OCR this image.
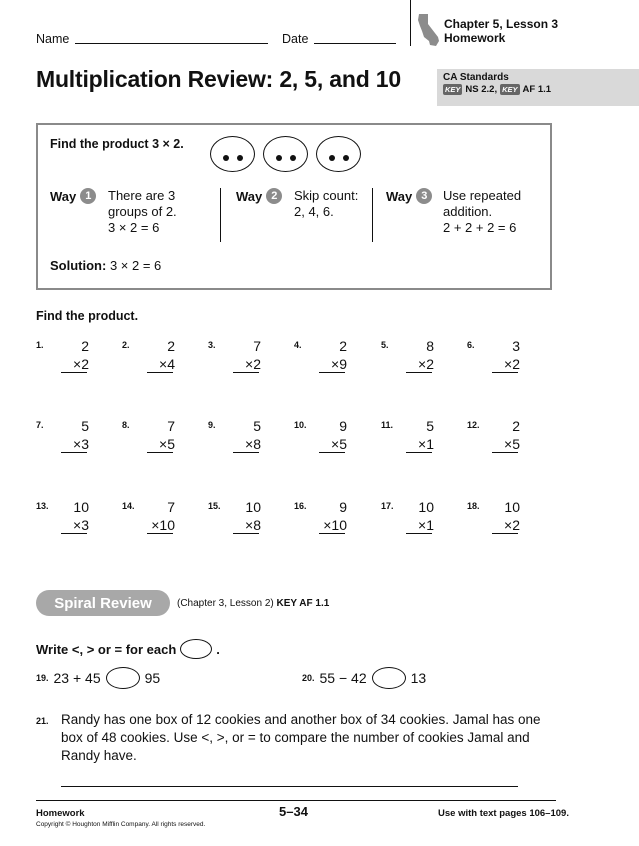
Name	Date
Chapter 5, Lesson 3
Homework
Multiplication Review: 2, 5, and 10	CA Standards
KEY NS 2.2, KEY AF 1.1
Find the product 3 × 2.
Way 1	There are 3
groups of 2.
3 × 2 = 6
Way 2	Skip count:
2, 4, 6.
Way 3	Use repeated
addition.
2 + 2 + 2 = 6
Solution: 3 × 2 = 6
Find the product.
1.	2
×2
2.	2
×4
3.	7
×2
4.	2
×9
5.	8
×2
6.	3
×2
7.	5
×3
8.	7
×5
9.	5
×8
10.	9
×5
11.	5
×1
12.	2
×5
13.	10
×3
14.	7
×10
15.	10
×8
16.	9
×10
17.	10
×1
18.	10
×2
Spiral Review	(Chapter 3, Lesson 2) KEY AF 1.1
Write <, > or = for each	.
19. 23 + 45	95	20. 55 − 42	13
21. Randy has one box of 12 cookies and another box of 34 cookies. Jamal has one box of 48 cookies. Use <, >, or = to compare the number of cookies Jamal and Randy have.
Homework	5–34	Use with text pages 106–109.
Copyright © Houghton Mifflin Company. All rights reserved.
